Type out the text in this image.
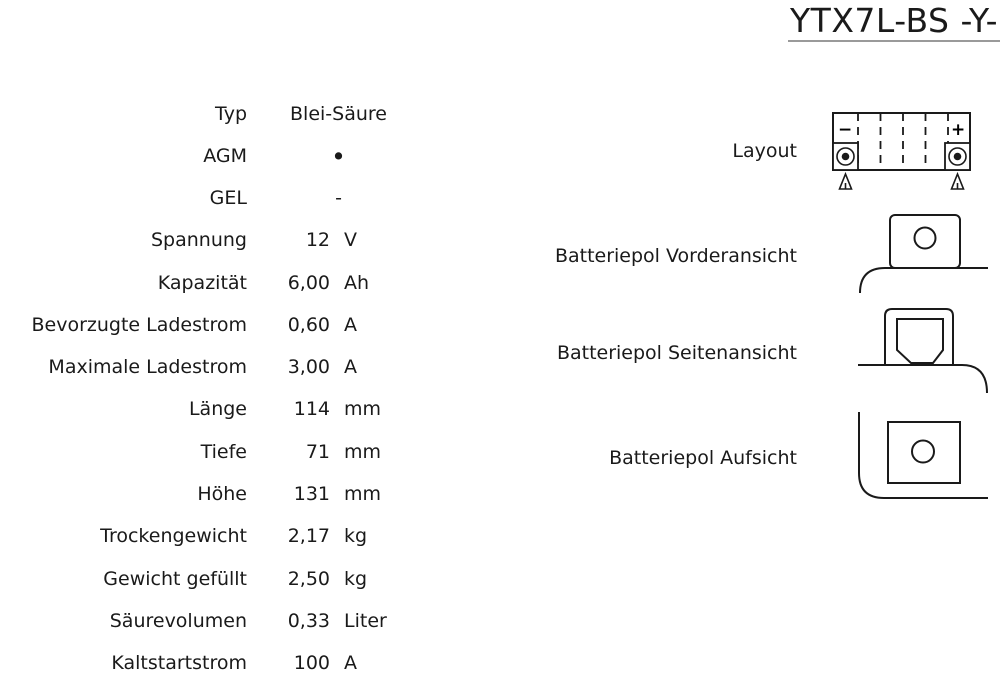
YTX7L-BS -Y-
Typ	Blei-Säure
AGM	•
GEL	-
Spannung	12 V
Kapazität	6,00 Ah
Bevorzugte Ladestrom	0,60 A
Maximale Ladestrom	3,00 A
Länge	114 mm
Tiefe	71 mm
Höhe	131 mm
Trockengewicht	2,17 kg
Gewicht gefüllt	2,50 kg
Säurevolumen	0,33 Liter
Kaltstartstrom	100 A
Layout
Batteriepol Vorderansicht
Batteriepol Seitenansicht
Batteriepol Aufsicht
−	+
